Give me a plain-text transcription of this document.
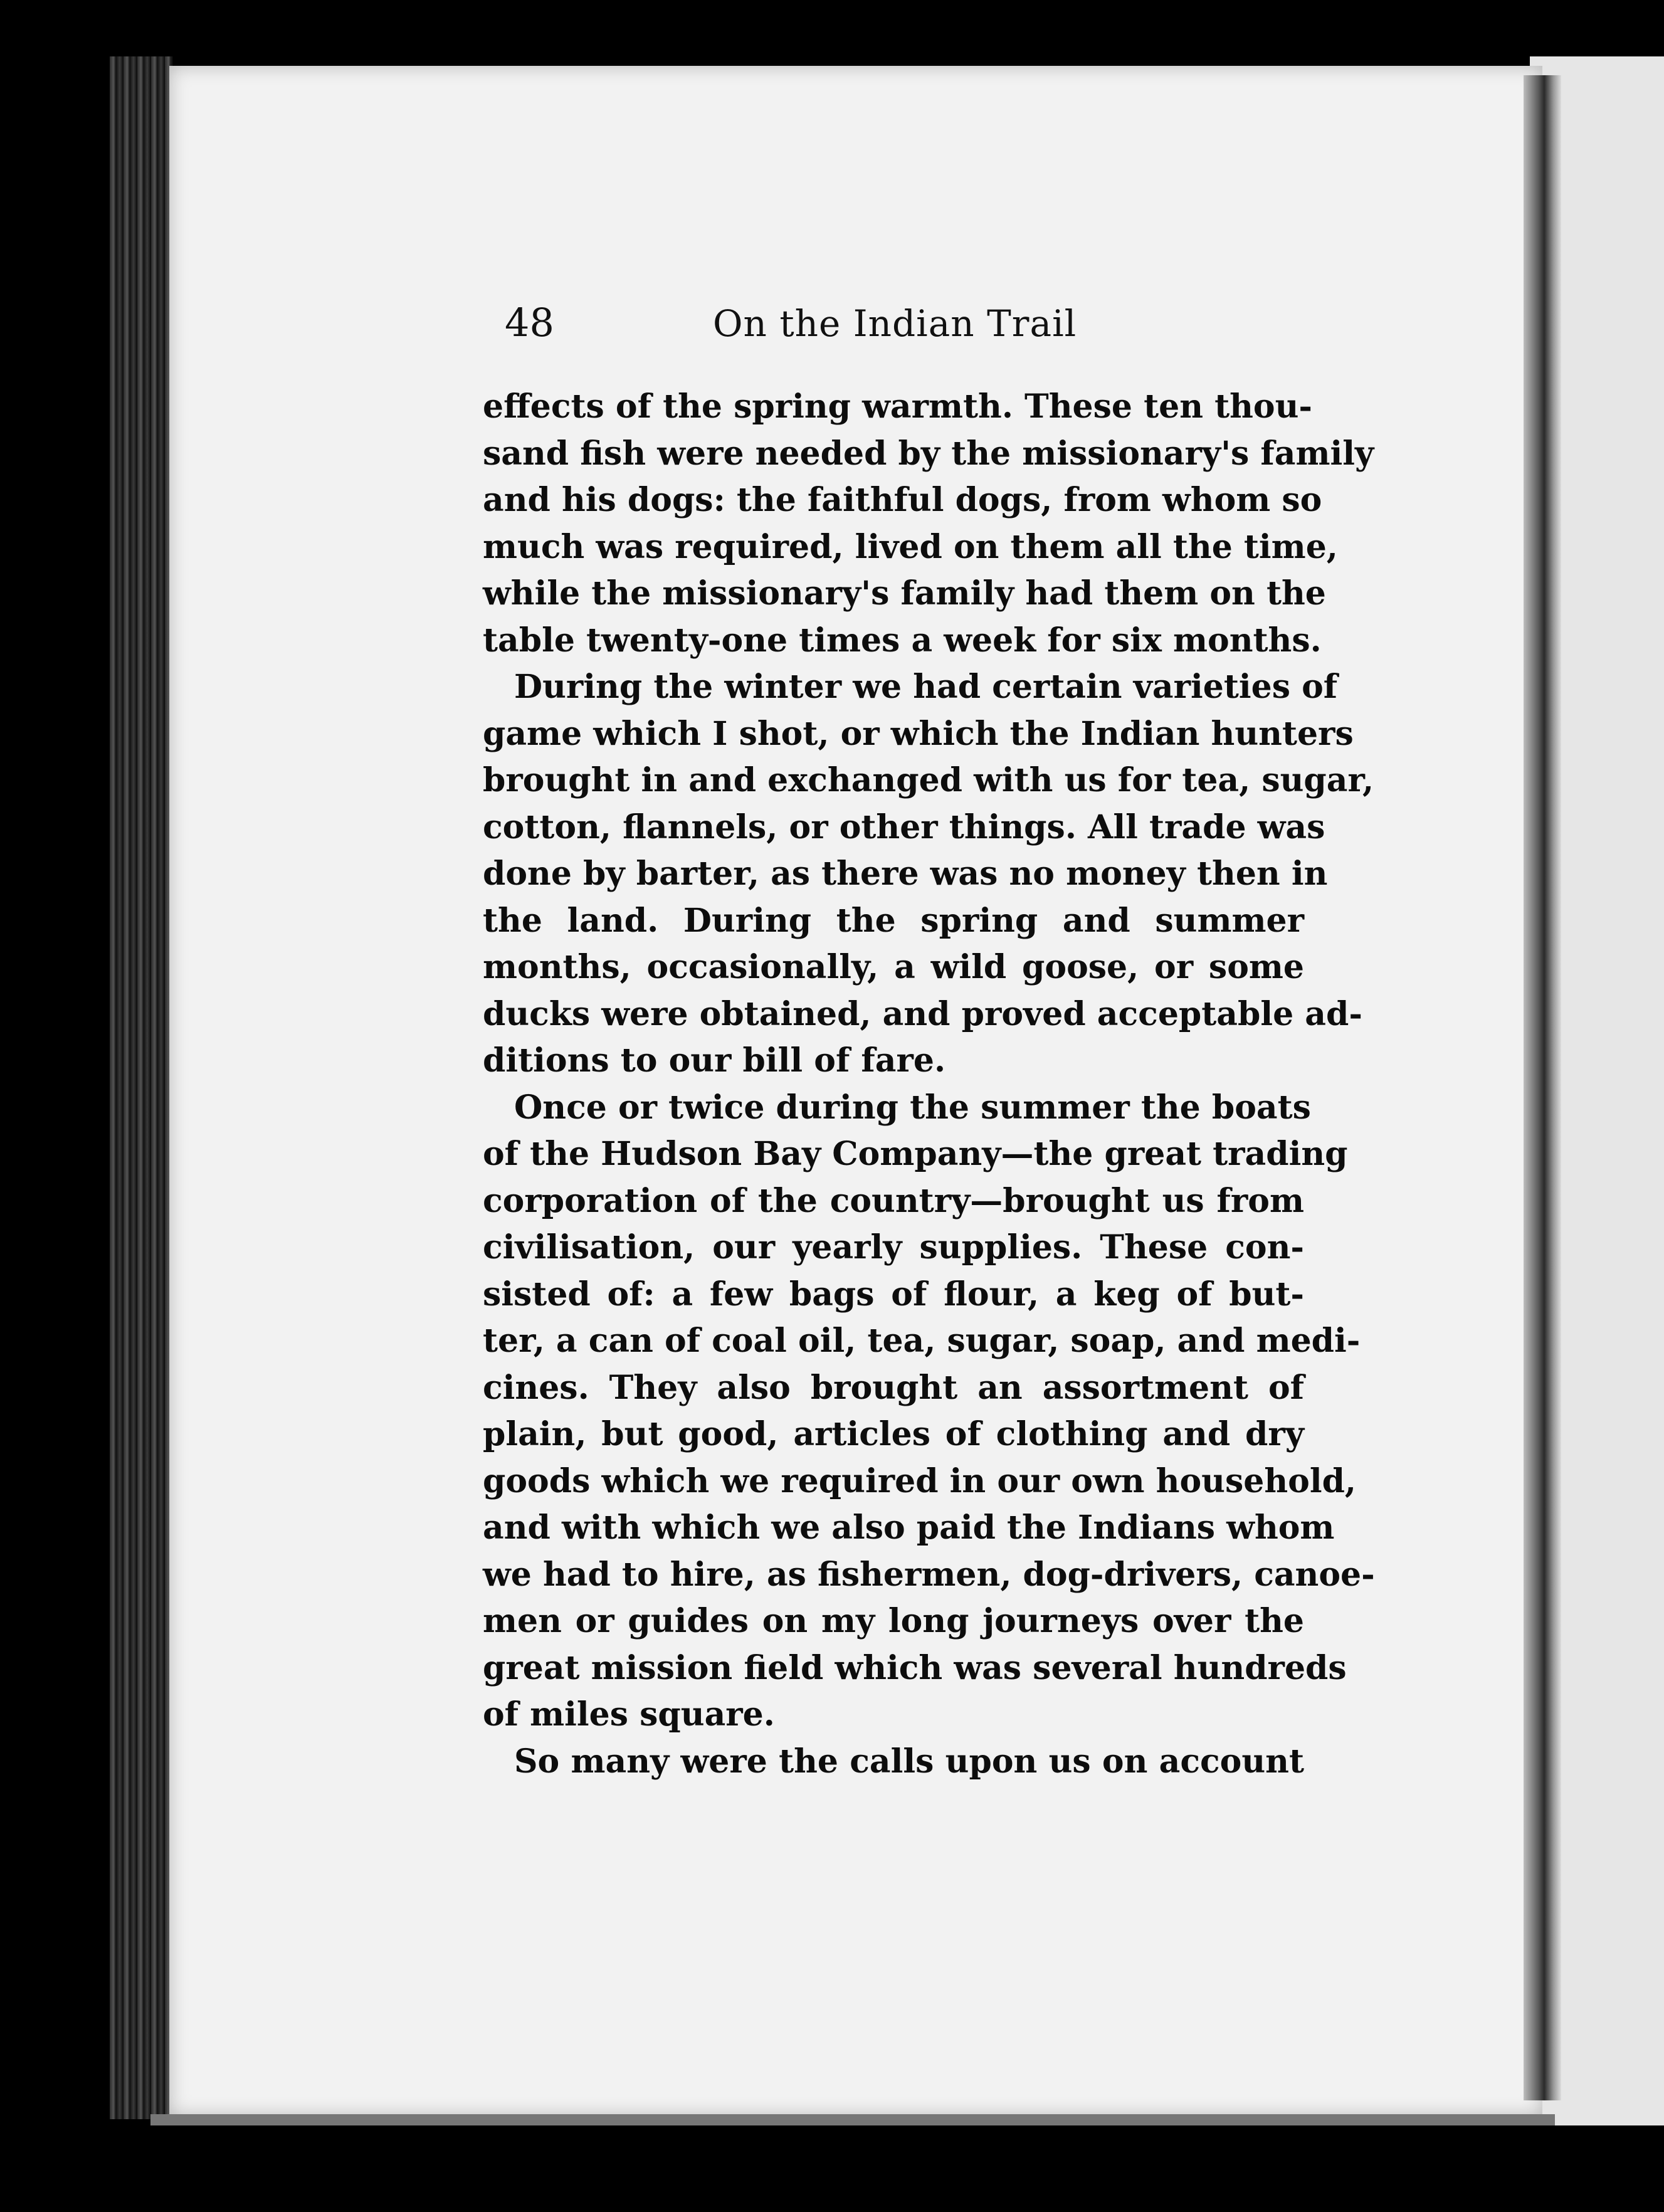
48	On the Indian Trail
effects of the spring warmth. These ten thou-
sand fish were needed by the missionary's family
and his dogs: the faithful dogs, from whom so
much was required, lived on them all the time,
while the missionary's family had them on the
table twenty-one times a week for six months.
During the winter we had certain varieties of
game which I shot, or which the Indian hunters
brought in and exchanged with us for tea, sugar,
cotton, flannels, or other things. All trade was
done by barter, as there was no money then in
the land. During the spring and summer
months, occasionally, a wild goose, or some
ducks were obtained, and proved acceptable ad-
ditions to our bill of fare.
Once or twice during the summer the boats
of the Hudson Bay Company—the great trading
corporation of the country—brought us from
civilisation, our yearly supplies. These con-
sisted of: a few bags of flour, a keg of but-
ter, a can of coal oil, tea, sugar, soap, and medi-
cines. They also brought an assortment of
plain, but good, articles of clothing and dry
goods which we required in our own household,
and with which we also paid the Indians whom
we had to hire, as fishermen, dog-drivers, canoe-
men or guides on my long journeys over the
great mission field which was several hundreds
of miles square.
So many were the calls upon us on account
